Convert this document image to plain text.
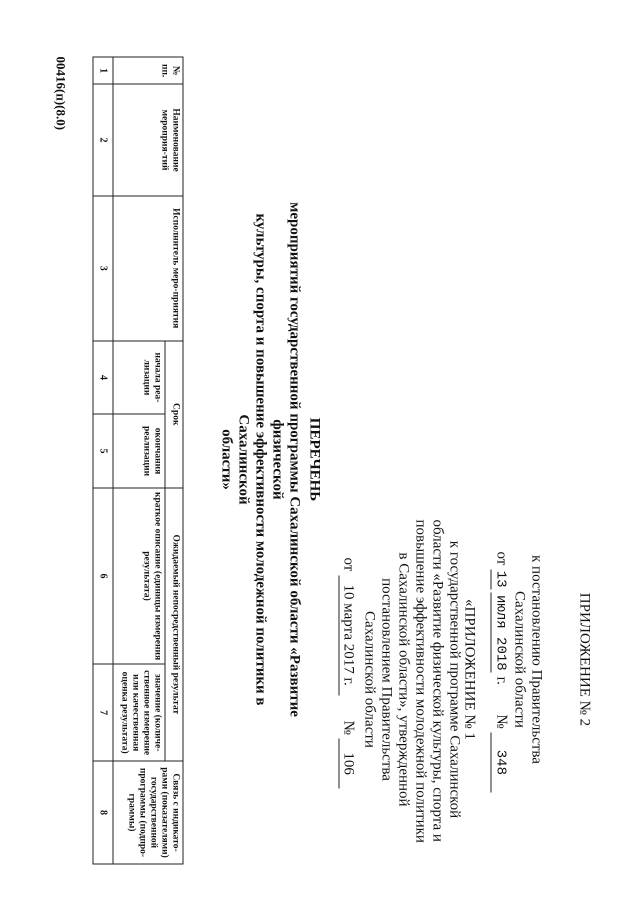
ПРИЛОЖЕНИЕ № 2
к постановлению Правительства
Сахалинской области
от 13 июля 2018 г.  № 348
«ПРИЛОЖЕНИЕ № 1
к государственной программе Сахалинской
области «Развитие физической культуры, спорта и
повышение эффективности молодежной политики
в Сахалинской области», утвержденной
постановлением Правительства
Сахалинской области
от 10 марта 2017 г.  № 106
ПЕРЕЧЕНЬ
мероприятий государственной программы Сахалинской области «Развитие физической
культуры, спорта и повышение эффективности молодежной политики в Сахалинской
области»
№ пп.	Наименование мероприя-тий	Исполнитель меро-приятия	Срок		Ожидаемый непосредственный результат		Связь с индикато-рами (показателями) государственной программы (подпро-граммы)
			начала реа-лизации	окончания реализации	краткое описание (единицы измерения результата)	значение (количе-ственное измерение или качественная оценка результата)	
1	2	3	4	5	6	7	8
00416(п)(8.0)
